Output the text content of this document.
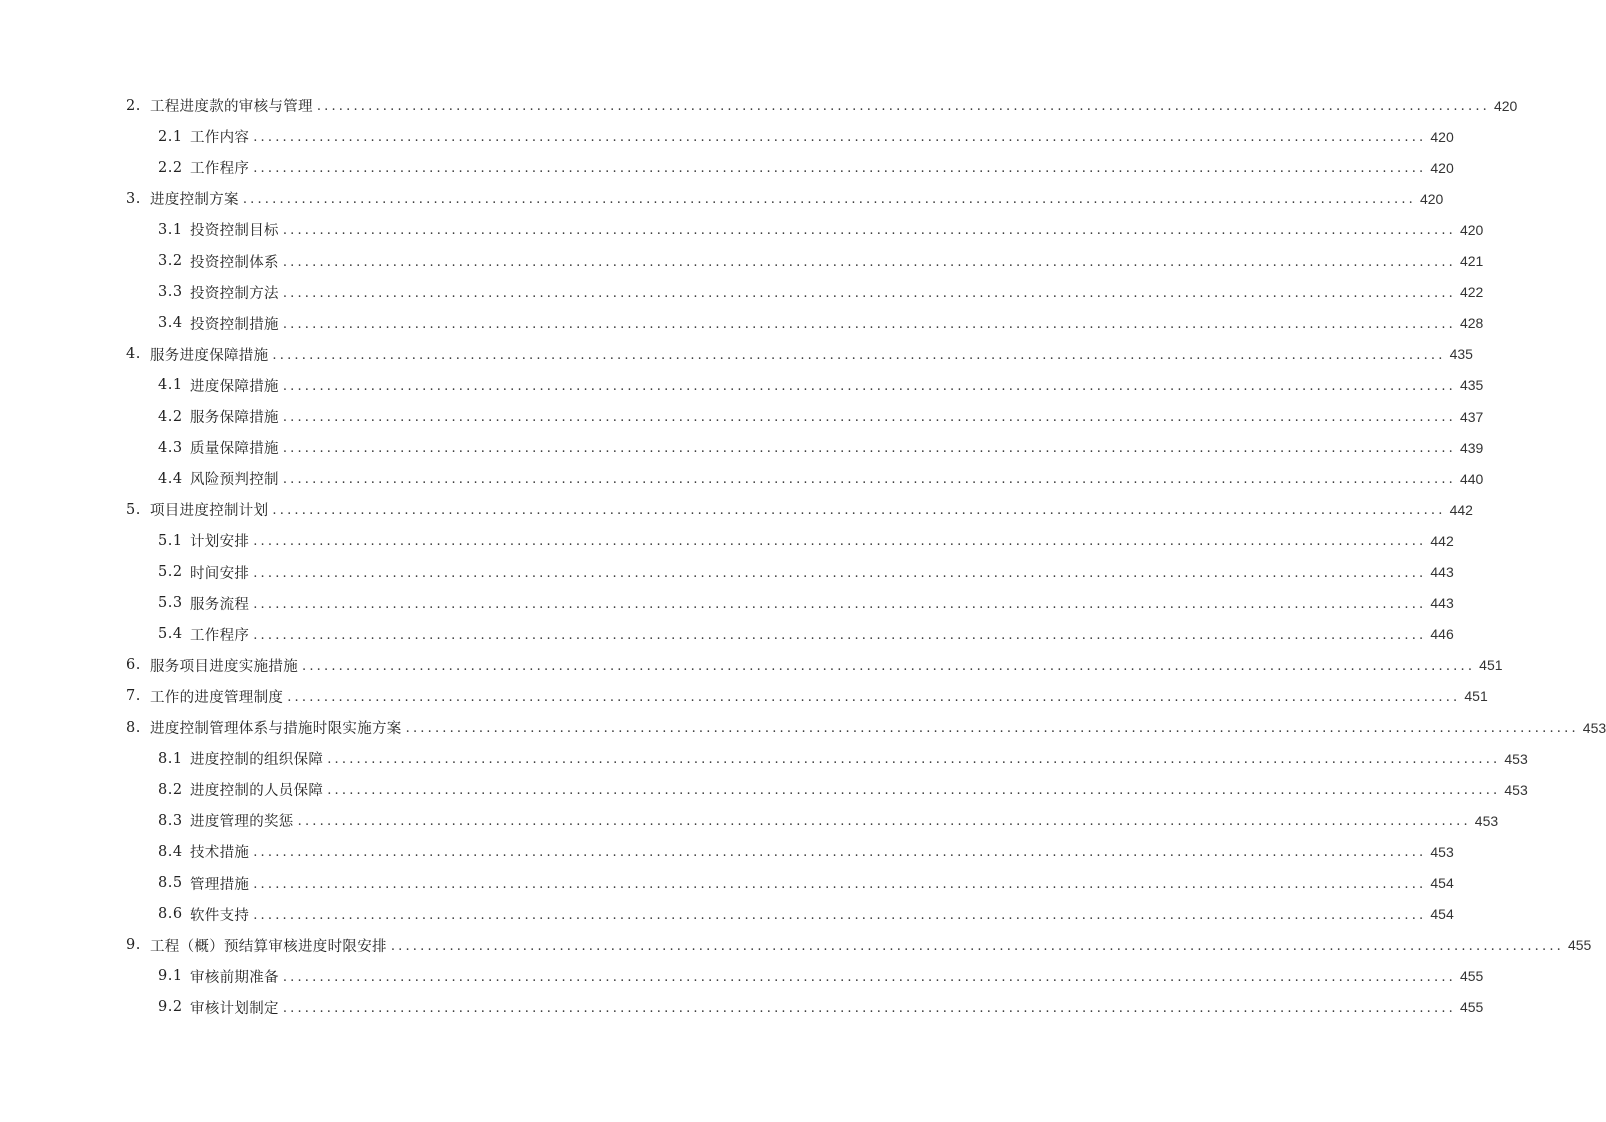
2. 工程进度款的审核与管理 ................................................................................................................................................................ 420
2.1 工作内容 ................................................................................................................................................................ 420
2.2 工作程序 ................................................................................................................................................................ 420
3. 进度控制方案 ................................................................................................................................................................ 420
3.1 投资控制目标 ................................................................................................................................................................ 420
3.2 投资控制体系 ................................................................................................................................................................ 421
3.3 投资控制方法 ................................................................................................................................................................ 422
3.4 投资控制措施 ................................................................................................................................................................ 428
4. 服务进度保障措施 ................................................................................................................................................................ 435
4.1 进度保障措施 ................................................................................................................................................................ 435
4.2 服务保障措施 ................................................................................................................................................................ 437
4.3 质量保障措施 ................................................................................................................................................................ 439
4.4 风险预判控制 ................................................................................................................................................................ 440
5. 项目进度控制计划 ................................................................................................................................................................ 442
5.1 计划安排 ................................................................................................................................................................ 442
5.2 时间安排 ................................................................................................................................................................ 443
5.3 服务流程 ................................................................................................................................................................ 443
5.4 工作程序 ................................................................................................................................................................ 446
6. 服务项目进度实施措施 ................................................................................................................................................................ 451
7. 工作的进度管理制度 ................................................................................................................................................................ 451
8. 进度控制管理体系与措施时限实施方案 ................................................................................................................................................................ 453
8.1 进度控制的组织保障 ................................................................................................................................................................ 453
8.2 进度控制的人员保障 ................................................................................................................................................................ 453
8.3 进度管理的奖惩 ................................................................................................................................................................ 453
8.4 技术措施 ................................................................................................................................................................ 453
8.5 管理措施 ................................................................................................................................................................ 454
8.6 软件支持 ................................................................................................................................................................ 454
9. 工程（概）预结算审核进度时限安排 ................................................................................................................................................................ 455
9.1 审核前期准备 ................................................................................................................................................................ 455
9.2 审核计划制定 ................................................................................................................................................................ 455
